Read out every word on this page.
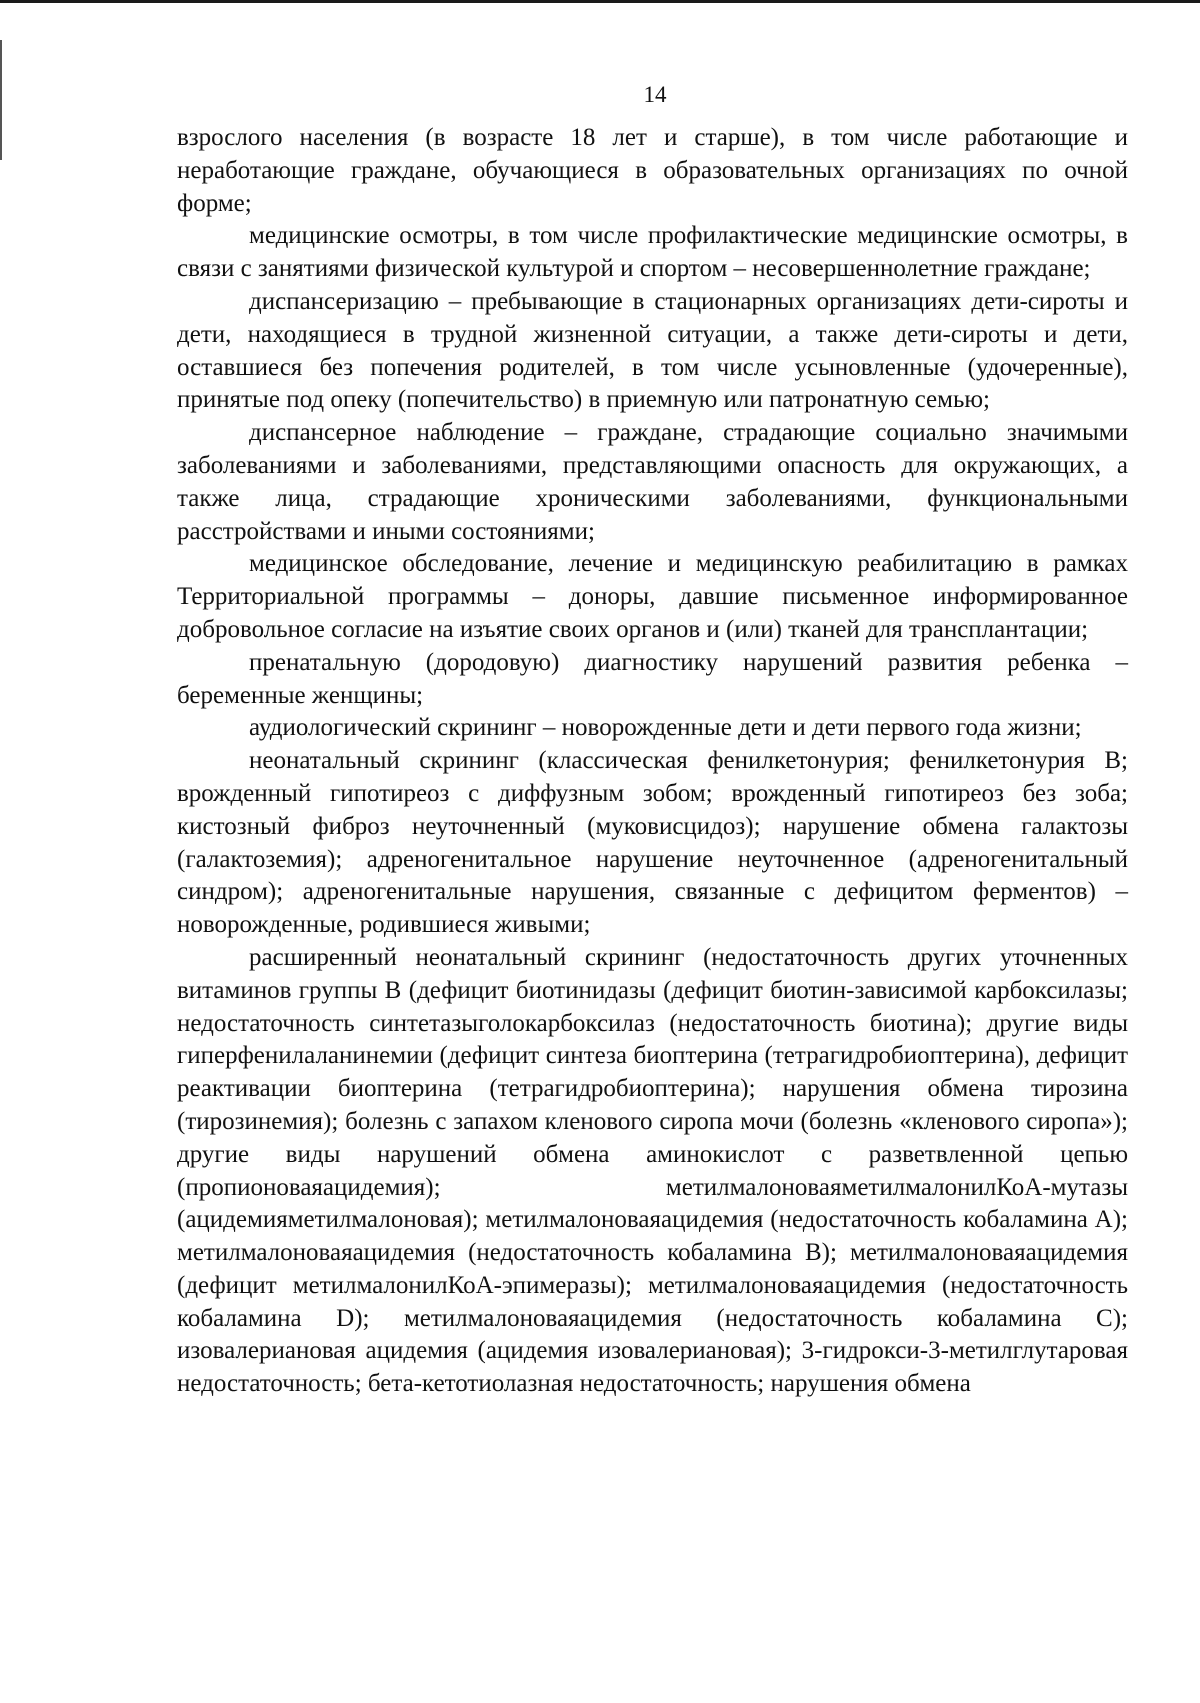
14

взрослого населения (в возрасте 18 лет и старше), в том числе работающие и неработающие граждане, обучающиеся в образовательных организациях по очной форме;

медицинские осмотры, в том числе профилактические медицинские осмотры, в связи с занятиями физической культурой и спортом – несовершеннолетние граждане;

диспансеризацию – пребывающие в стационарных организациях дети-сироты и дети, находящиеся в трудной жизненной ситуации, а также дети-сироты и дети, оставшиеся без попечения родителей, в том числе усыновленные (удочеренные), принятые под опеку (попечительство) в приемную или патронатную семью;

диспансерное наблюдение – граждане, страдающие социально значимыми заболеваниями и заболеваниями, представляющими опасность для окружающих, а также лица, страдающие хроническими заболеваниями, функциональными расстройствами и иными состояниями;

медицинское обследование, лечение и медицинскую реабилитацию в рамках Территориальной программы – доноры, давшие письменное информированное добровольное согласие на изъятие своих органов и (или) тканей для трансплантации;

пренатальную (дородовую) диагностику нарушений развития ребенка – беременные женщины;

аудиологический скрининг – новорожденные дети и дети первого года жизни;

неонатальный скрининг (классическая фенилкетонурия; фенилкетонурия В; врожденный гипотиреоз с диффузным зобом; врожденный гипотиреоз без зоба; кистозный фиброз неуточненный (муковисцидоз); нарушение обмена галактозы (галактоземия); адреногенитальное нарушение неуточненное (адреногенитальный синдром); адреногенитальные нарушения, связанные с дефицитом ферментов) – новорожденные, родившиеся живыми;

расширенный неонатальный скрининг (недостаточность других уточненных витаминов группы В (дефицит биотинидазы (дефицит биотин-зависимой карбоксилазы; недостаточность синтетазыголокарбоксилаз (недостаточность биотина); другие виды гиперфенилаланинемии (дефицит синтеза биоптерина (тетрагидробиоптерина), дефицит реактивации биоптерина (тетрагидробиоптерина); нарушения обмена тирозина (тирозинемия); болезнь с запахом кленового сиропа мочи (болезнь «кленового сиропа»); другие виды нарушений обмена аминокислот с разветвленной цепью (пропионоваяацидемия); метилмалоноваяметилмалонилКоА-мутазы (ацидемияметилмалоновая); метилмалоноваяацидемия (недостаточность кобаламина А); метилмалоноваяацидемия (недостаточность кобаламина В); метилмалоноваяацидемия (дефицит метилмалонилКоА-эпимеразы); метилмалоноваяацидемия (недостаточность кобаламина D); метилмалоноваяацидемия (недостаточность кобаламина С); изовалериановая ацидемия (ацидемия изовалериановая); 3-гидрокси-3-метилглутаровая недостаточность; бета-кетотиолазная недостаточность; нарушения обмена
